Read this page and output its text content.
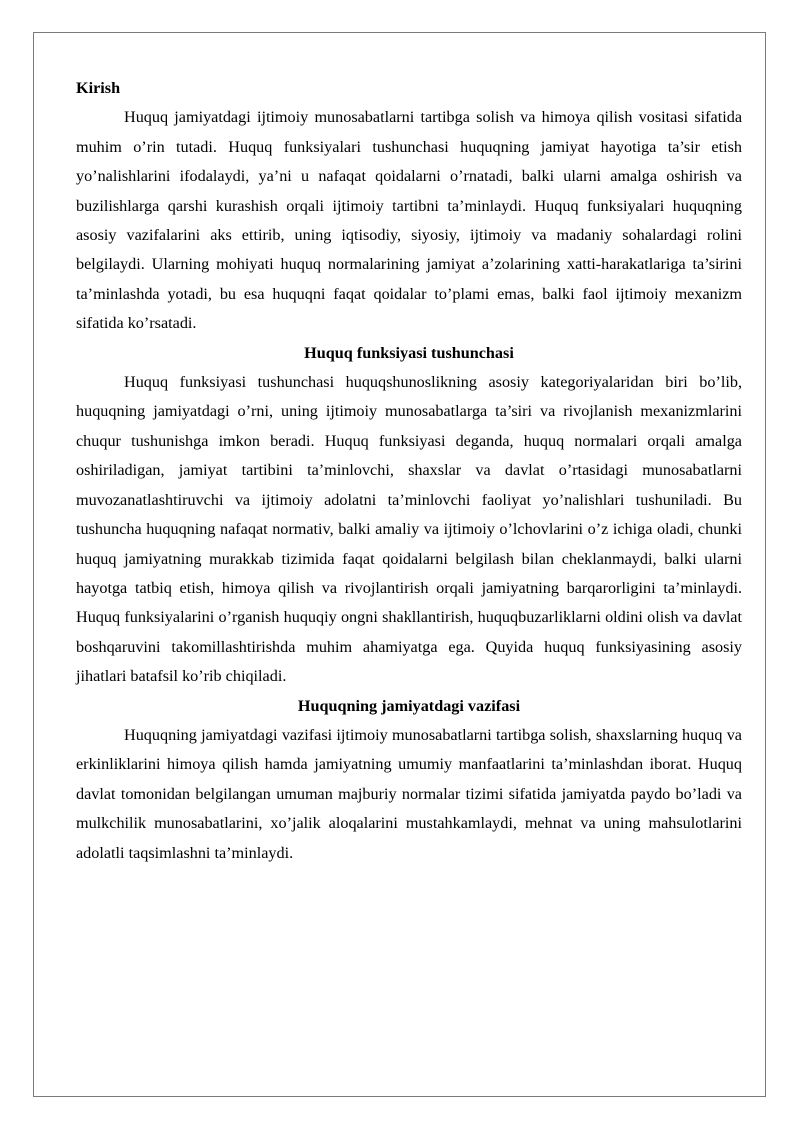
Kirish

Huquq jamiyatdagi ijtimoiy munosabatlarni tartibga solish va himoya qilish vositasi sifatida muhim o’rin tutadi. Huquq funksiyalari tushunchasi huquqning jamiyat hayotiga ta’sir etish yo’nalishlarini ifodalaydi, ya’ni u nafaqat qoidalarni o’rnatadi, balki ularni amalga oshirish va buzilishlarga qarshi kurashish orqali ijtimoiy tartibni ta’minlaydi. Huquq funksiyalari huquqning asosiy vazifalarini aks ettirib, uning iqtisodiy, siyosiy, ijtimoiy va madaniy sohalardagi rolini belgilaydi. Ularning mohiyati huquq normalarining jamiyat a’zolarining xatti-harakatlariga ta’sirini ta’minlashda yotadi, bu esa huquqni faqat qoidalar to’plami emas, balki faol ijtimoiy mexanizm sifatida ko’rsatadi.

Huquq funksiyasi tushunchasi

Huquq funksiyasi tushunchasi huquqshunoslikning asosiy kategoriyalaridan biri bo’lib, huquqning jamiyatdagi o’rni, uning ijtimoiy munosabatlarga ta’siri va rivojlanish mexanizmlarini chuqur tushunishga imkon beradi. Huquq funksiyasi deganda, huquq normalari orqali amalga oshiriladigan, jamiyat tartibini ta’minlovchi, shaxslar va davlat o’rtasidagi munosabatlarni muvozanatlashtiruvchi va ijtimoiy adolatni ta’minlovchi faoliyat yo’nalishlari tushuniladi. Bu tushuncha huquqning nafaqat normativ, balki amaliy va ijtimoiy o’lchovlarini o’z ichiga oladi, chunki huquq jamiyatning murakkab tizimida faqat qoidalarni belgilash bilan cheklanmaydi, balki ularni hayotga tatbiq etish, himoya qilish va rivojlantirish orqali jamiyatning barqarorligini ta’minlaydi. Huquq funksiyalarini o’rganish huquqiy ongni shakllantirish, huquqbuzarliklarni oldini olish va davlat boshqaruvini takomillashtirishda muhim ahamiyatga ega. Quyida huquq funksiyasining asosiy jihatlari batafsil ko’rib chiqiladi.

Huquqning jamiyatdagi vazifasi

Huquqning jamiyatdagi vazifasi ijtimoiy munosabatlarni tartibga solish, shaxslarning huquq va erkinliklarini himoya qilish hamda jamiyatning umumiy manfaatlarini ta’minlashdan iborat. Huquq davlat tomonidan belgilangan umuman majburiy normalar tizimi sifatida jamiyatda paydo bo’ladi va mulkchilik munosabatlarini, xo’jalik aloqalarini mustahkamlaydi, mehnat va uning mahsulotlarini adolatli taqsimlashni ta’minlaydi.
